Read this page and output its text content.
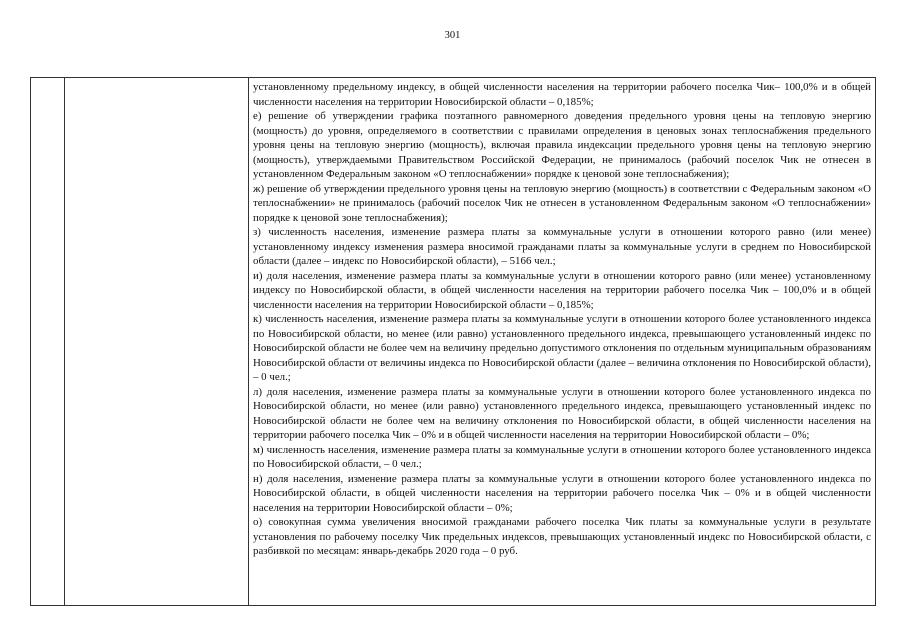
301

установленному предельному индексу, в общей численности населения на территории рабочего поселка Чик– 100,0% и в общей численности населения на территории Новосибирской области – 0,185%;

е) решение об утверждении графика поэтапного равномерного доведения предельного уровня цены на тепловую энергию (мощность) до уровня, определяемого в соответствии с правилами определения в ценовых зонах теплоснабжения предельного уровня цены на тепловую энергию (мощность), включая правила индексации предельного уровня цены на тепловую энергию (мощность), утверждаемыми Правительством Российской Федерации, не принималось (рабочий поселок Чик не отнесен в установленном Федеральным законом «О теплоснабжении» порядке к ценовой зоне теплоснабжения);

ж) решение об утверждении предельного уровня цены на тепловую энергию (мощность) в соответствии с Федеральным законом «О теплоснабжении» не принималось (рабочий поселок Чик не отнесен в установленном Федеральным законом «О теплоснабжении» порядке к ценовой зоне теплоснабжения);

з) численность населения, изменение размера платы за коммунальные услуги в отношении которого равно (или менее) установленному индексу изменения размера вносимой гражданами платы за коммунальные услуги в среднем по Новосибирской области (далее – индекс по Новосибирской области), – 5166 чел.;

и) доля населения, изменение размера платы за коммунальные услуги в отношении которого равно (или менее) установленному индексу по Новосибирской области, в общей численности населения на территории рабочего поселка Чик – 100,0% и в общей численности населения на территории Новосибирской области – 0,185%;

к) численность населения, изменение размера платы за коммунальные услуги в отношении которого более установленного индекса по Новосибирской области, но менее (или равно) установленного предельного индекса, превышающего установленный индекс по Новосибирской области не более чем на величину предельно допустимого отклонения по отдельным муниципальным образованиям Новосибирской области от величины индекса по Новосибирской области (далее – величина отклонения по Новосибирской области), – 0 чел.;

л) доля населения, изменение размера платы за коммунальные услуги в отношении которого более установленного индекса по Новосибирской области, но менее (или равно) установленного предельного индекса, превышающего установленный индекс по Новосибирской области не более чем на величину отклонения по Новосибирской области, в общей численности населения на территории рабочего поселка Чик – 0% и в общей численности населения на территории Новосибирской области – 0%;

м) численность населения, изменение размера платы за коммунальные услуги в отношении которого более установленного индекса по Новосибирской области, – 0 чел.;

н) доля населения, изменение размера платы за коммунальные услуги в отношении которого более установленного индекса по Новосибирской области, в общей численности населения на территории рабочего поселка Чик – 0% и в общей численности населения на территории Новосибирской области – 0%;

о) совокупная сумма увеличения вносимой гражданами рабочего поселка Чик платы за коммунальные услуги в результате установления по рабочему поселку Чик предельных индексов, превышающих установленный индекс по Новосибирской области, с разбивкой по месяцам: январь-декабрь 2020 года – 0 руб.
